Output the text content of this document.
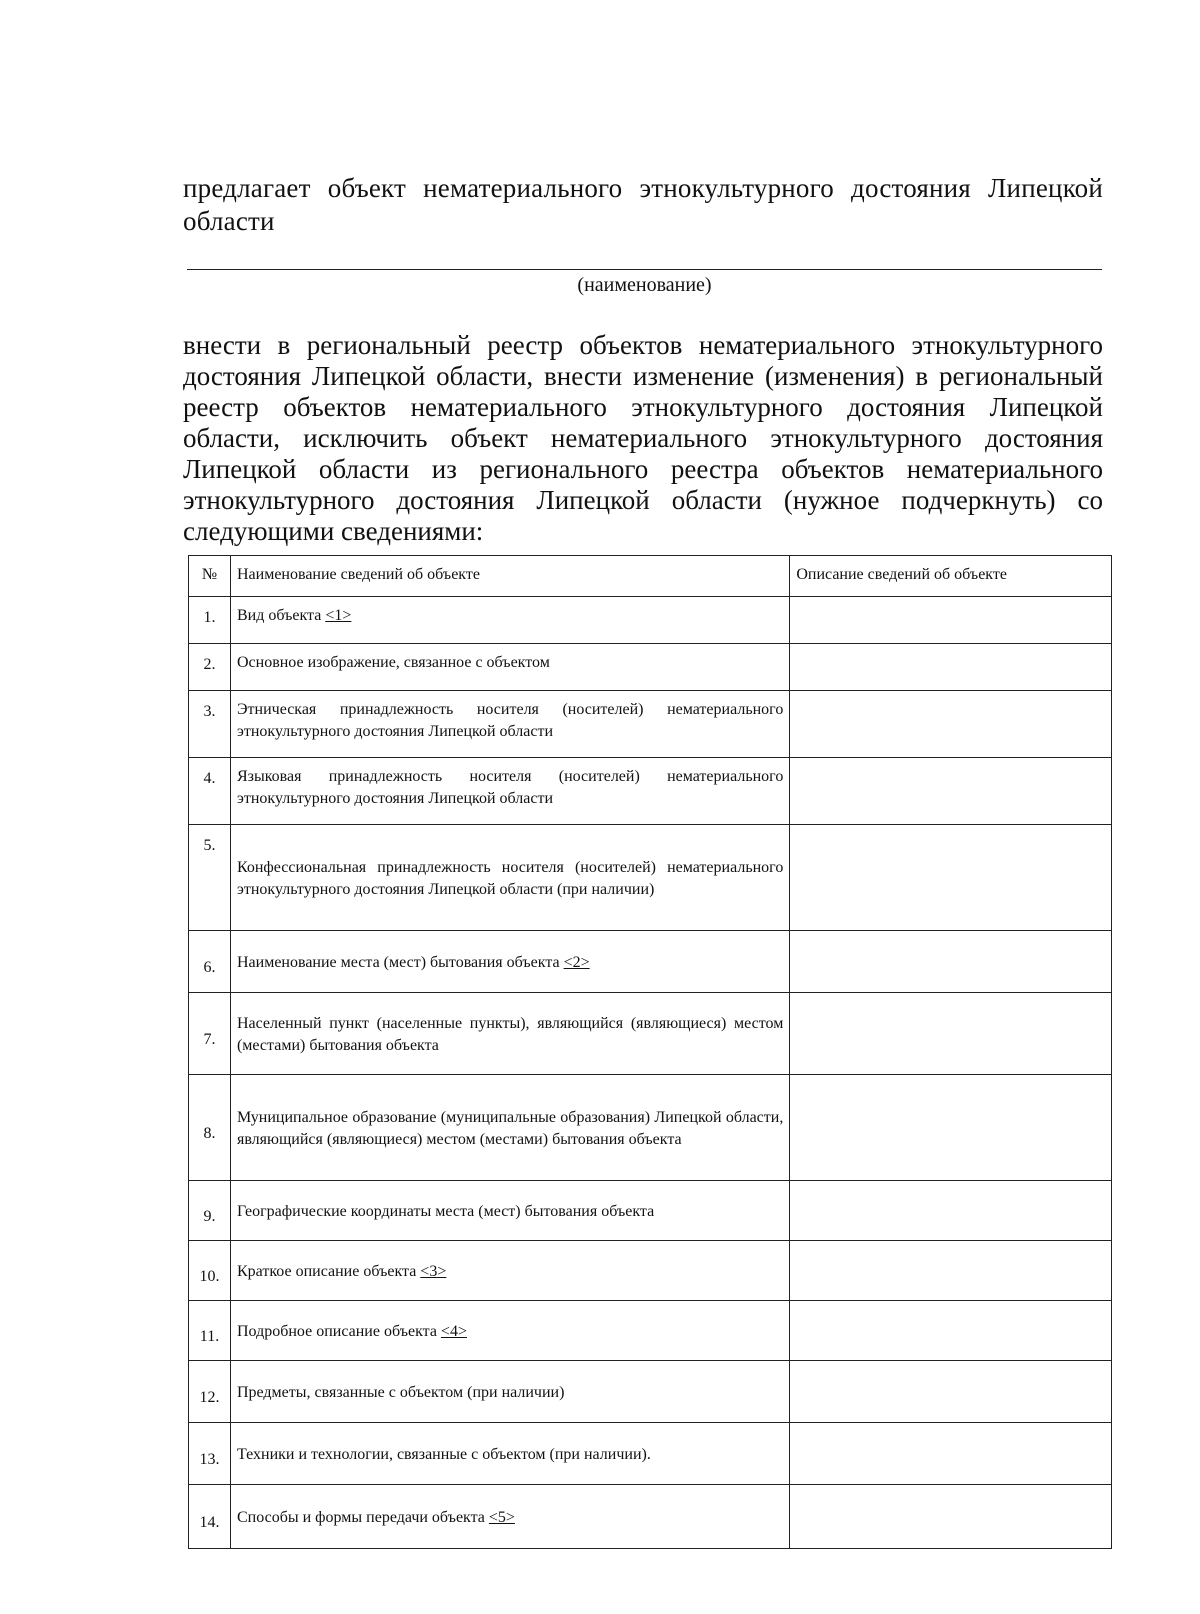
предлагает объект нематериального этнокультурного достояния Липецкой области

(наименование)

внести в региональный реестр объектов нематериального этнокультурного достояния Липецкой области, внести изменение (изменения) в региональный реестр объектов нематериального этнокультурного достояния Липецкой области, исключить объект нематериального этнокультурного достояния Липецкой области из регионального реестра объектов нематериального этнокультурного достояния Липецкой области (нужное подчеркнуть) со следующими сведениями:

№	Наименование сведений об объекте	Описание сведений об объекте
1.	Вид объекта <1>	
2.	Основное изображение, связанное с объектом	
3.	Этническая принадлежность носителя (носителей) нематериального этнокультурного достояния Липецкой области	
4.	Языковая принадлежность носителя (носителей) нематериального этнокультурного достояния Липецкой области	
5.	Конфессиональная принадлежность носителя (носителей) нематериального этнокультурного достояния Липецкой области (при наличии)	
6.	Наименование места (мест) бытования объекта <2>	
7.	Населенный пункт (населенные пункты), являющийся (являющиеся) местом (местами) бытования объекта	
8.	Муниципальное образование (муниципальные образования) Липецкой области, являющийся (являющиеся) местом (местами) бытования объекта	
9.	Географические координаты места (мест) бытования объекта	
10.	Краткое описание объекта <3>	
11.	Подробное описание объекта <4>	
12.	Предметы, связанные с объектом (при наличии)	
13.	Техники и технологии, связанные с объектом (при наличии).	
14.	Способы и формы передачи объекта <5>	
